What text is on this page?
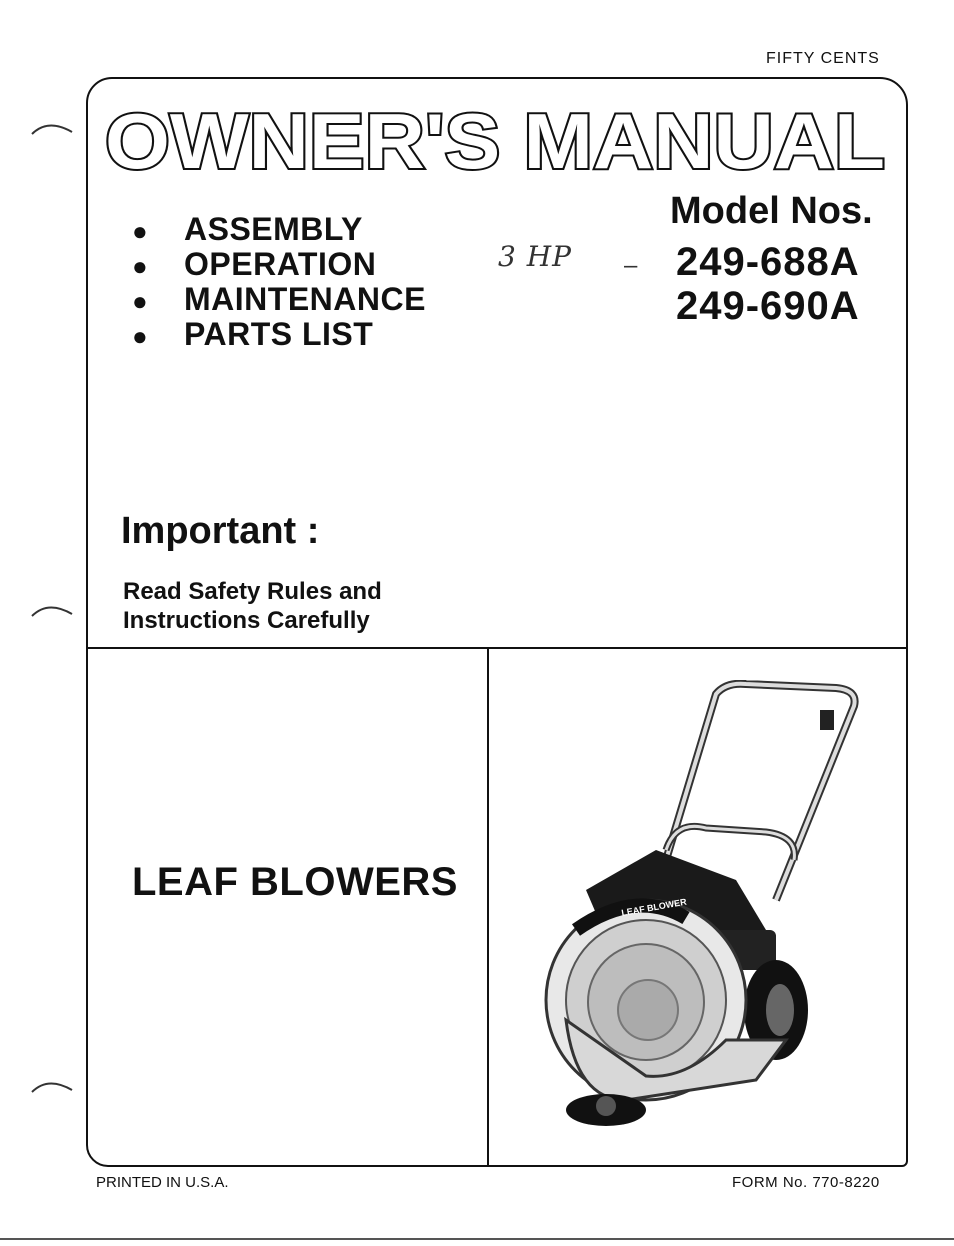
FIFTY CENTS
OWNER'S MANUAL
● ASSEMBLY
● OPERATION
● MAINTENANCE
● PARTS LIST
3 HP –
Model Nos.
249-688A
249-690A
Important :
Read Safety Rules and
Instructions Carefully
LEAF BLOWERS
LEAF BLOWER
PRINTED IN U.S.A.	FORM No. 770-8220
